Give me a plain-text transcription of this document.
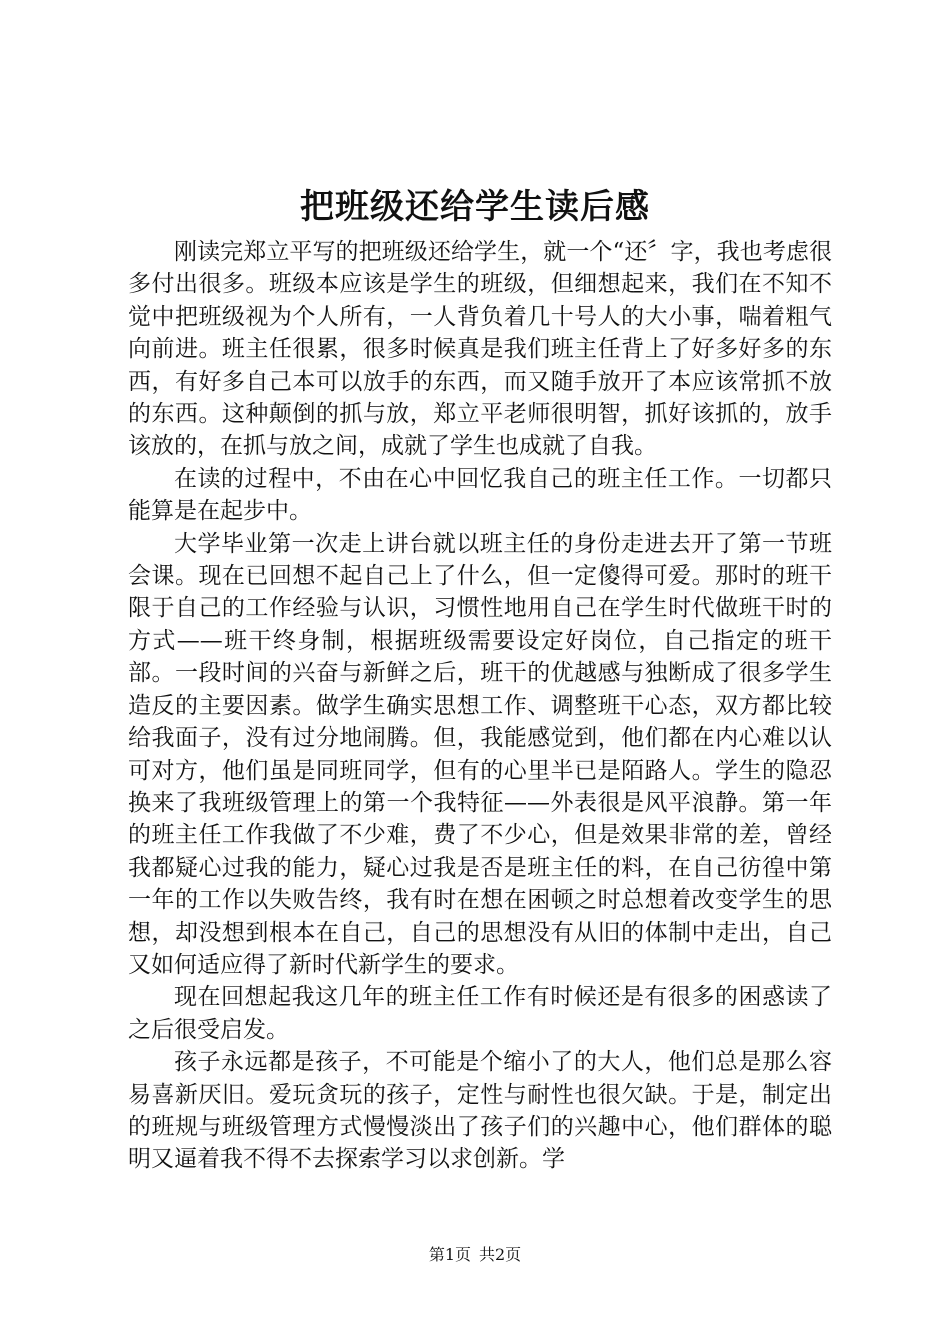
把班级还给学生读后感

刚读完郑立平写的把班级还给学生，就一个“还〞字，我也考虑很多付出很多。班级本应该是学生的班级，但细想起来，我们在不知不觉中把班级视为个人所有，一人背负着几十号人的大小事，喘着粗气向前进。班主任很累，很多时候真是我们班主任背上了好多好多的东西，有好多自己本可以放手的东西，而又随手放开了本应该常抓不放的东西。这种颠倒的抓与放，郑立平老师很明智，抓好该抓的，放手该放的，在抓与放之间，成就了学生也成就了自我。

在读的过程中，不由在心中回忆我自己的班主任工作。一切都只能算是在起步中。

大学毕业第一次走上讲台就以班主任的身份走进去开了第一节班会课。现在已回想不起自己上了什么，但一定傻得可爱。那时的班干限于自己的工作经验与认识，习惯性地用自己在学生时代做班干时的方式——班干终身制，根据班级需要设定好岗位，自己指定的班干部。一段时间的兴奋与新鲜之后，班干的优越感与独断成了很多学生造反的主要因素。做学生确实思想工作、调整班干心态，双方都比较给我面子，没有过分地闹腾。但，我能感觉到，他们都在内心难以认可对方，他们虽是同班同学，但有的心里半已是陌路人。学生的隐忍换来了我班级管理上的第一个我特征——外表很是风平浪静。第一年的班主任工作我做了不少难，费了不少心，但是效果非常的差，曾经我都疑心过我的能力，疑心过我是否是班主任的料，在自己彷徨中第一年的工作以失败告终，我有时在想在困顿之时总想着改变学生的思想，却没想到根本在自己，自己的思想没有从旧的体制中走出，自己又如何适应得了新时代新学生的要求。

现在回想起我这几年的班主任工作有时候还是有很多的困惑读了之后很受启发。

孩子永远都是孩子，不可能是个缩小了的大人，他们总是那么容易喜新厌旧。爱玩贪玩的孩子，定性与耐性也很欠缺。于是，制定出的班规与班级管理方式慢慢淡出了孩子们的兴趣中心，他们群体的聪明又逼着我不得不去探索学习以求创新。学

第1页 共2页
